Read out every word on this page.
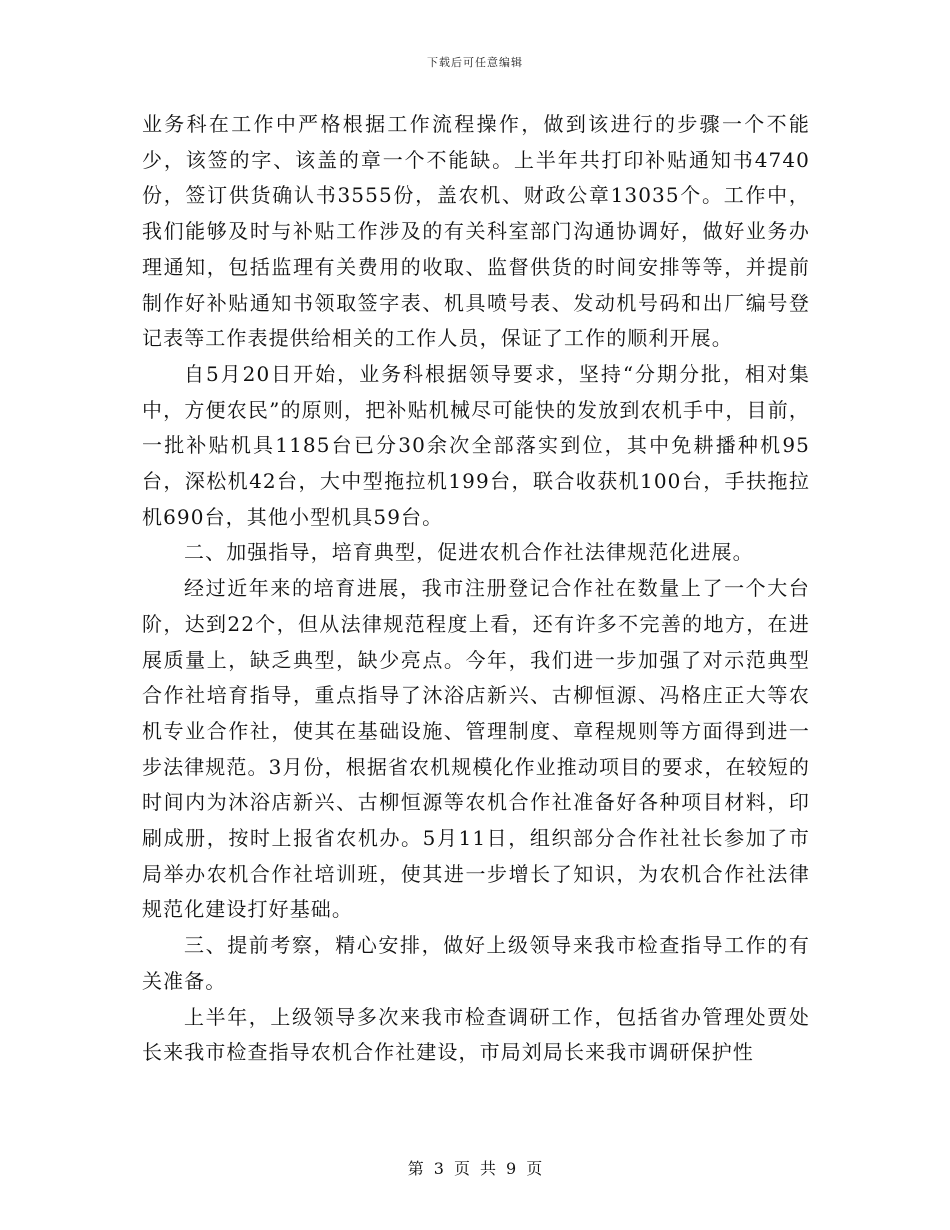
下载后可任意编辑

业务科在工作中严格根据工作流程操作，做到该进行的步骤一个不能少，该签的字、该盖的章一个不能缺。上半年共打印补贴通知书4740份，签订供货确认书3555份，盖农机、财政公章13035个。工作中，我们能够及时与补贴工作涉及的有关科室部门沟通协调好，做好业务办理通知，包括监理有关费用的收取、监督供货的时间安排等等，并提前制作好补贴通知书领取签字表、机具喷号表、发动机号码和出厂编号登记表等工作表提供给相关的工作人员，保证了工作的顺利开展。

自5月20日开始，业务科根据领导要求，坚持“分期分批，相对集中，方便农民”的原则，把补贴机械尽可能快的发放到农机手中，目前，一批补贴机具1185台已分30余次全部落实到位，其中免耕播种机95台，深松机42台，大中型拖拉机199台，联合收获机100台，手扶拖拉机690台，其他小型机具59台。

二、加强指导，培育典型，促进农机合作社法律规范化进展。

经过近年来的培育进展，我市注册登记合作社在数量上了一个大台阶，达到22个，但从法律规范程度上看，还有许多不完善的地方，在进展质量上，缺乏典型，缺少亮点。今年，我们进一步加强了对示范典型合作社培育指导，重点指导了沐浴店新兴、古柳恒源、冯格庄正大等农机专业合作社，使其在基础设施、管理制度、章程规则等方面得到进一步法律规范。3月份，根据省农机规模化作业推动项目的要求，在较短的时间内为沐浴店新兴、古柳恒源等农机合作社准备好各种项目材料，印刷成册，按时上报省农机办。5月11日，组织部分合作社社长参加了市局举办农机合作社培训班，使其进一步增长了知识，为农机合作社法律规范化建设打好基础。

三、提前考察，精心安排，做好上级领导来我市检查指导工作的有关准备。

上半年，上级领导多次来我市检查调研工作，包括省办管理处贾处长来我市检查指导农机合作社建设，市局刘局长来我市调研保护性

第 3 页 共 9 页
